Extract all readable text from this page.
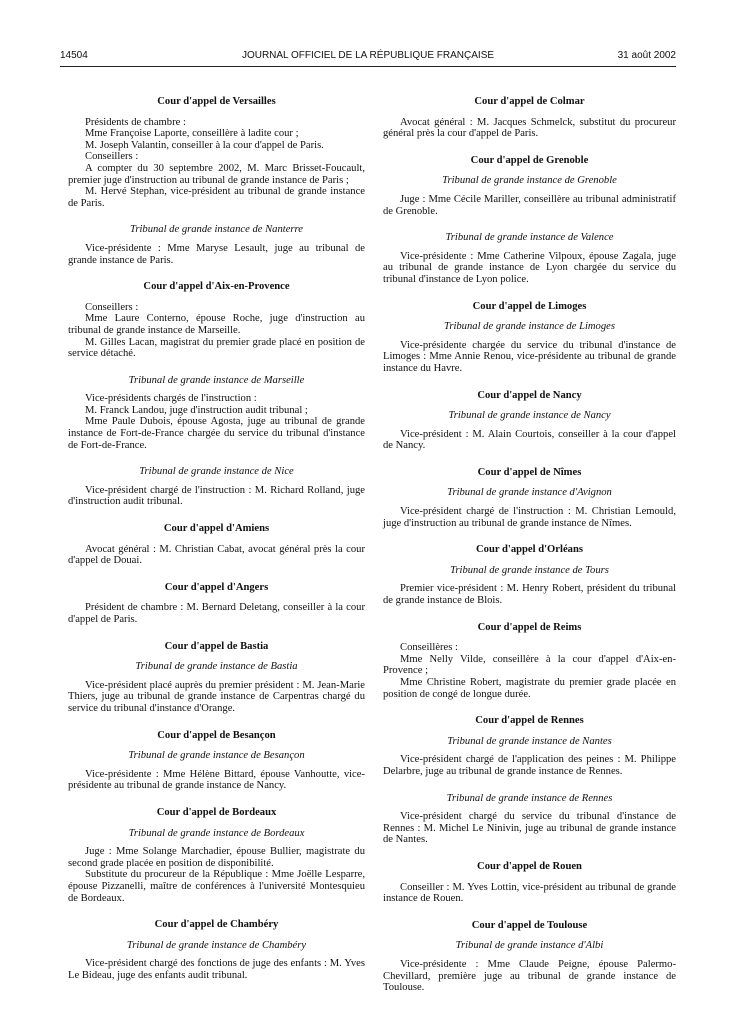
14504	JOURNAL OFFICIEL DE LA RÉPUBLIQUE FRANÇAISE	31 août 2002
Cour d'appel de Versailles

Présidents de chambre :

Mme Françoise Laporte, conseillère à ladite cour ;

M. Joseph Valantin, conseiller à la cour d'appel de Paris.

Conseillers :

A compter du 30 septembre 2002, M. Marc Brisset-Foucault, premier juge d'instruction au tribunal de grande instance de Paris ;

M. Hervé Stephan, vice-président au tribunal de grande instance de Paris.

Tribunal de grande instance de Nanterre

Vice-présidente : Mme Maryse Lesault, juge au tribunal de grande instance de Paris.

Cour d'appel d'Aix-en-Provence

Conseillers :

Mme Laure Conterno, épouse Roche, juge d'instruction au tribunal de grande instance de Marseille.

M. Gilles Lacan, magistrat du premier grade placé en position de service détaché.

Tribunal de grande instance de Marseille

Vice-présidents chargés de l'instruction :

M. Franck Landou, juge d'instruction audit tribunal ;

Mme Paule Dubois, épouse Agosta, juge au tribunal de grande instance de Fort-de-France chargée du service du tribunal d'instance de Fort-de-France.

Tribunal de grande instance de Nice

Vice-président chargé de l'instruction : M. Richard Rolland, juge d'instruction audit tribunal.

Cour d'appel d'Amiens

Avocat général : M. Christian Cabat, avocat général près la cour d'appel de Douai.

Cour d'appel d'Angers

Président de chambre : M. Bernard Deletang, conseiller à la cour d'appel de Paris.

Cour d'appel de Bastia
Tribunal de grande instance de Bastia

Vice-président placé auprès du premier président : M. Jean-Marie Thiers, juge au tribunal de grande instance de Carpentras chargé du service du tribunal d'instance d'Orange.

Cour d'appel de Besançon
Tribunal de grande instance de Besançon

Vice-présidente : Mme Hélène Bittard, épouse Vanhoutte, vice-présidente au tribunal de grande instance de Nancy.

Cour d'appel de Bordeaux
Tribunal de grande instance de Bordeaux

Juge : Mme Solange Marchadier, épouse Bullier, magistrate du second grade placée en position de disponibilité.

Substitute du procureur de la République : Mme Joëlle Lesparre, épouse Pizzanelli, maître de conférences à l'université Montesquieu de Bordeaux.

Cour d'appel de Chambéry
Tribunal de grande instance de Chambéry

Vice-président chargé des fonctions de juge des enfants : M. Yves Le Bideau, juge des enfants audit tribunal.

Cour d'appel de Colmar

Avocat général : M. Jacques Schmelck, substitut du procureur général près la cour d'appel de Paris.

Cour d'appel de Grenoble
Tribunal de grande instance de Grenoble

Juge : Mme Cécile Mariller, conseillère au tribunal administratif de Grenoble.

Tribunal de grande instance de Valence

Vice-présidente : Mme Catherine Vilpoux, épouse Zagala, juge au tribunal de grande instance de Lyon chargée du service du tribunal d'instance de Lyon police.

Cour d'appel de Limoges
Tribunal de grande instance de Limoges

Vice-présidente chargée du service du tribunal d'instance de Limoges : Mme Annie Renou, vice-présidente au tribunal de grande instance du Havre.

Cour d'appel de Nancy
Tribunal de grande instance de Nancy

Vice-président : M. Alain Courtois, conseiller à la cour d'appel de Nancy.

Cour d'appel de Nîmes
Tribunal de grande instance d'Avignon

Vice-président chargé de l'instruction : M. Christian Lemould, juge d'instruction au tribunal de grande instance de Nîmes.

Cour d'appel d'Orléans
Tribunal de grande instance de Tours

Premier vice-président : M. Henry Robert, président du tribunal de grande instance de Blois.

Cour d'appel de Reims

Conseillères :

Mme Nelly Vilde, conseillère à la cour d'appel d'Aix-en-Provence ;

Mme Christine Robert, magistrate du premier grade placée en position de congé de longue durée.

Cour d'appel de Rennes
Tribunal de grande instance de Nantes

Vice-président chargé de l'application des peines : M. Philippe Delarbre, juge au tribunal de grande instance de Rennes.

Tribunal de grande instance de Rennes

Vice-président chargé du service du tribunal d'instance de Rennes : M. Michel Le Ninivin, juge au tribunal de grande instance de Nantes.

Cour d'appel de Rouen

Conseiller : M. Yves Lottin, vice-président au tribunal de grande instance de Rouen.

Cour d'appel de Toulouse
Tribunal de grande instance d'Albi

Vice-présidente : Mme Claude Peigne, épouse Palermo-Chevillard, première juge au tribunal de grande instance de Toulouse.
